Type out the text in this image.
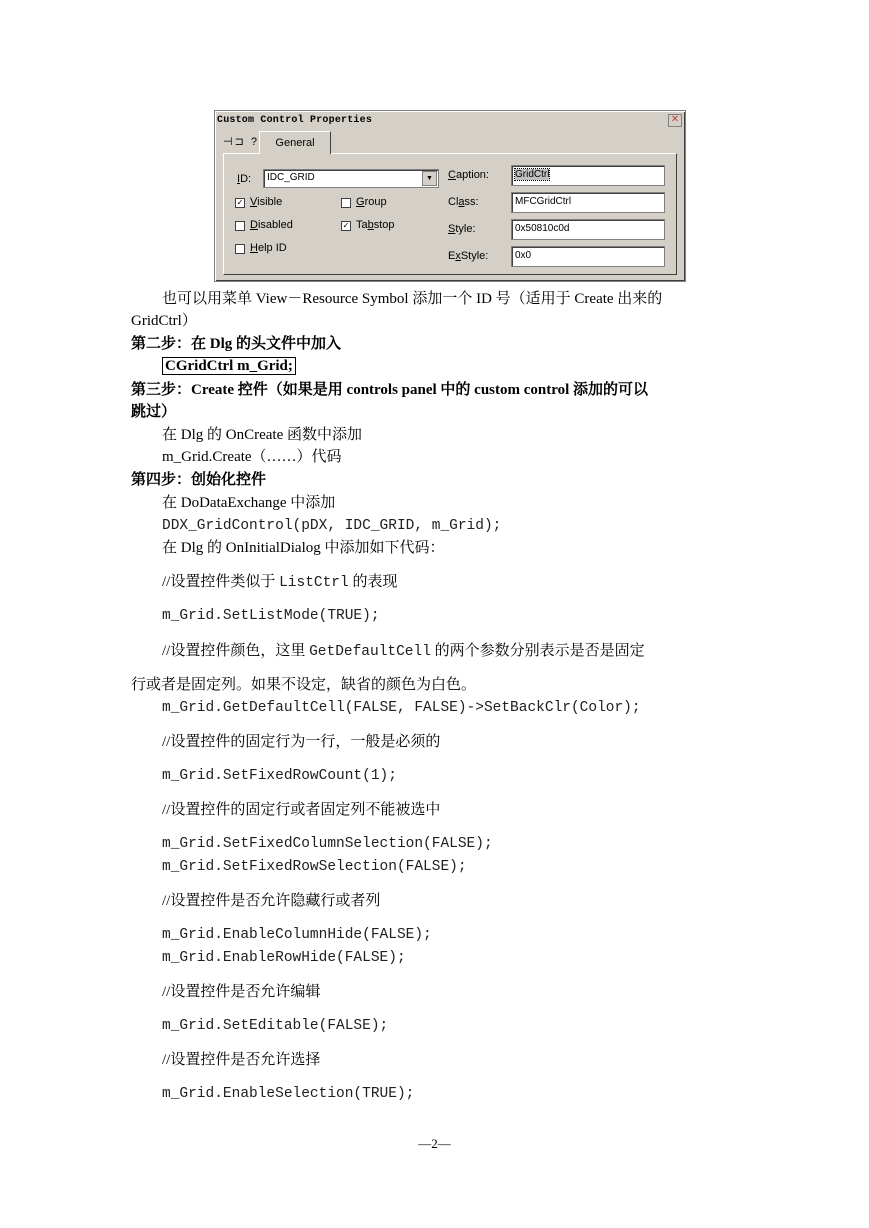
Custom Control Properties	✕
⊣⊐ ?	General
ID: IDC_GRID	▼
✓ Visible	Group
Disabled	✓ Tabstop
Help ID
Caption:	GridCtrl
Class:	MFCGridCtrl
Style:	0x50810c0d
ExStyle:	0x0
也可以用菜单 View－Resource Symbol 添加一个 ID 号（适用于 Create 出来的
GridCtrl）
第二步：在 Dlg 的头文件中加入
CGridCtrl m_Grid;
第三步：Create 控件（如果是用 controls panel 中的 custom control 添加的可以
跳过）
在 Dlg 的 OnCreate 函数中添加
m_Grid.Create（……）代码
第四步：创始化控件
在 DoDataExchange 中添加
DDX_GridControl(pDX, IDC_GRID, m_Grid);
在 Dlg 的 OnInitialDialog 中添加如下代码：
//设置控件类似于 ListCtrl 的表现
m_Grid.SetListMode(TRUE);
//设置控件颜色，这里 GetDefaultCell 的两个参数分别表示是否是固定
行或者是固定列。如果不设定，缺省的颜色为白色。
m_Grid.GetDefaultCell(FALSE, FALSE)->SetBackClr(Color);
//设置控件的固定行为一行，一般是必须的
m_Grid.SetFixedRowCount(1);
//设置控件的固定行或者固定列不能被选中
m_Grid.SetFixedColumnSelection(FALSE);
m_Grid.SetFixedRowSelection(FALSE);
//设置控件是否允许隐藏行或者列
m_Grid.EnableColumnHide(FALSE);
m_Grid.EnableRowHide(FALSE);
//设置控件是否允许编辑
m_Grid.SetEditable(FALSE);
//设置控件是否允许选择
m_Grid.EnableSelection(TRUE);
—2—
